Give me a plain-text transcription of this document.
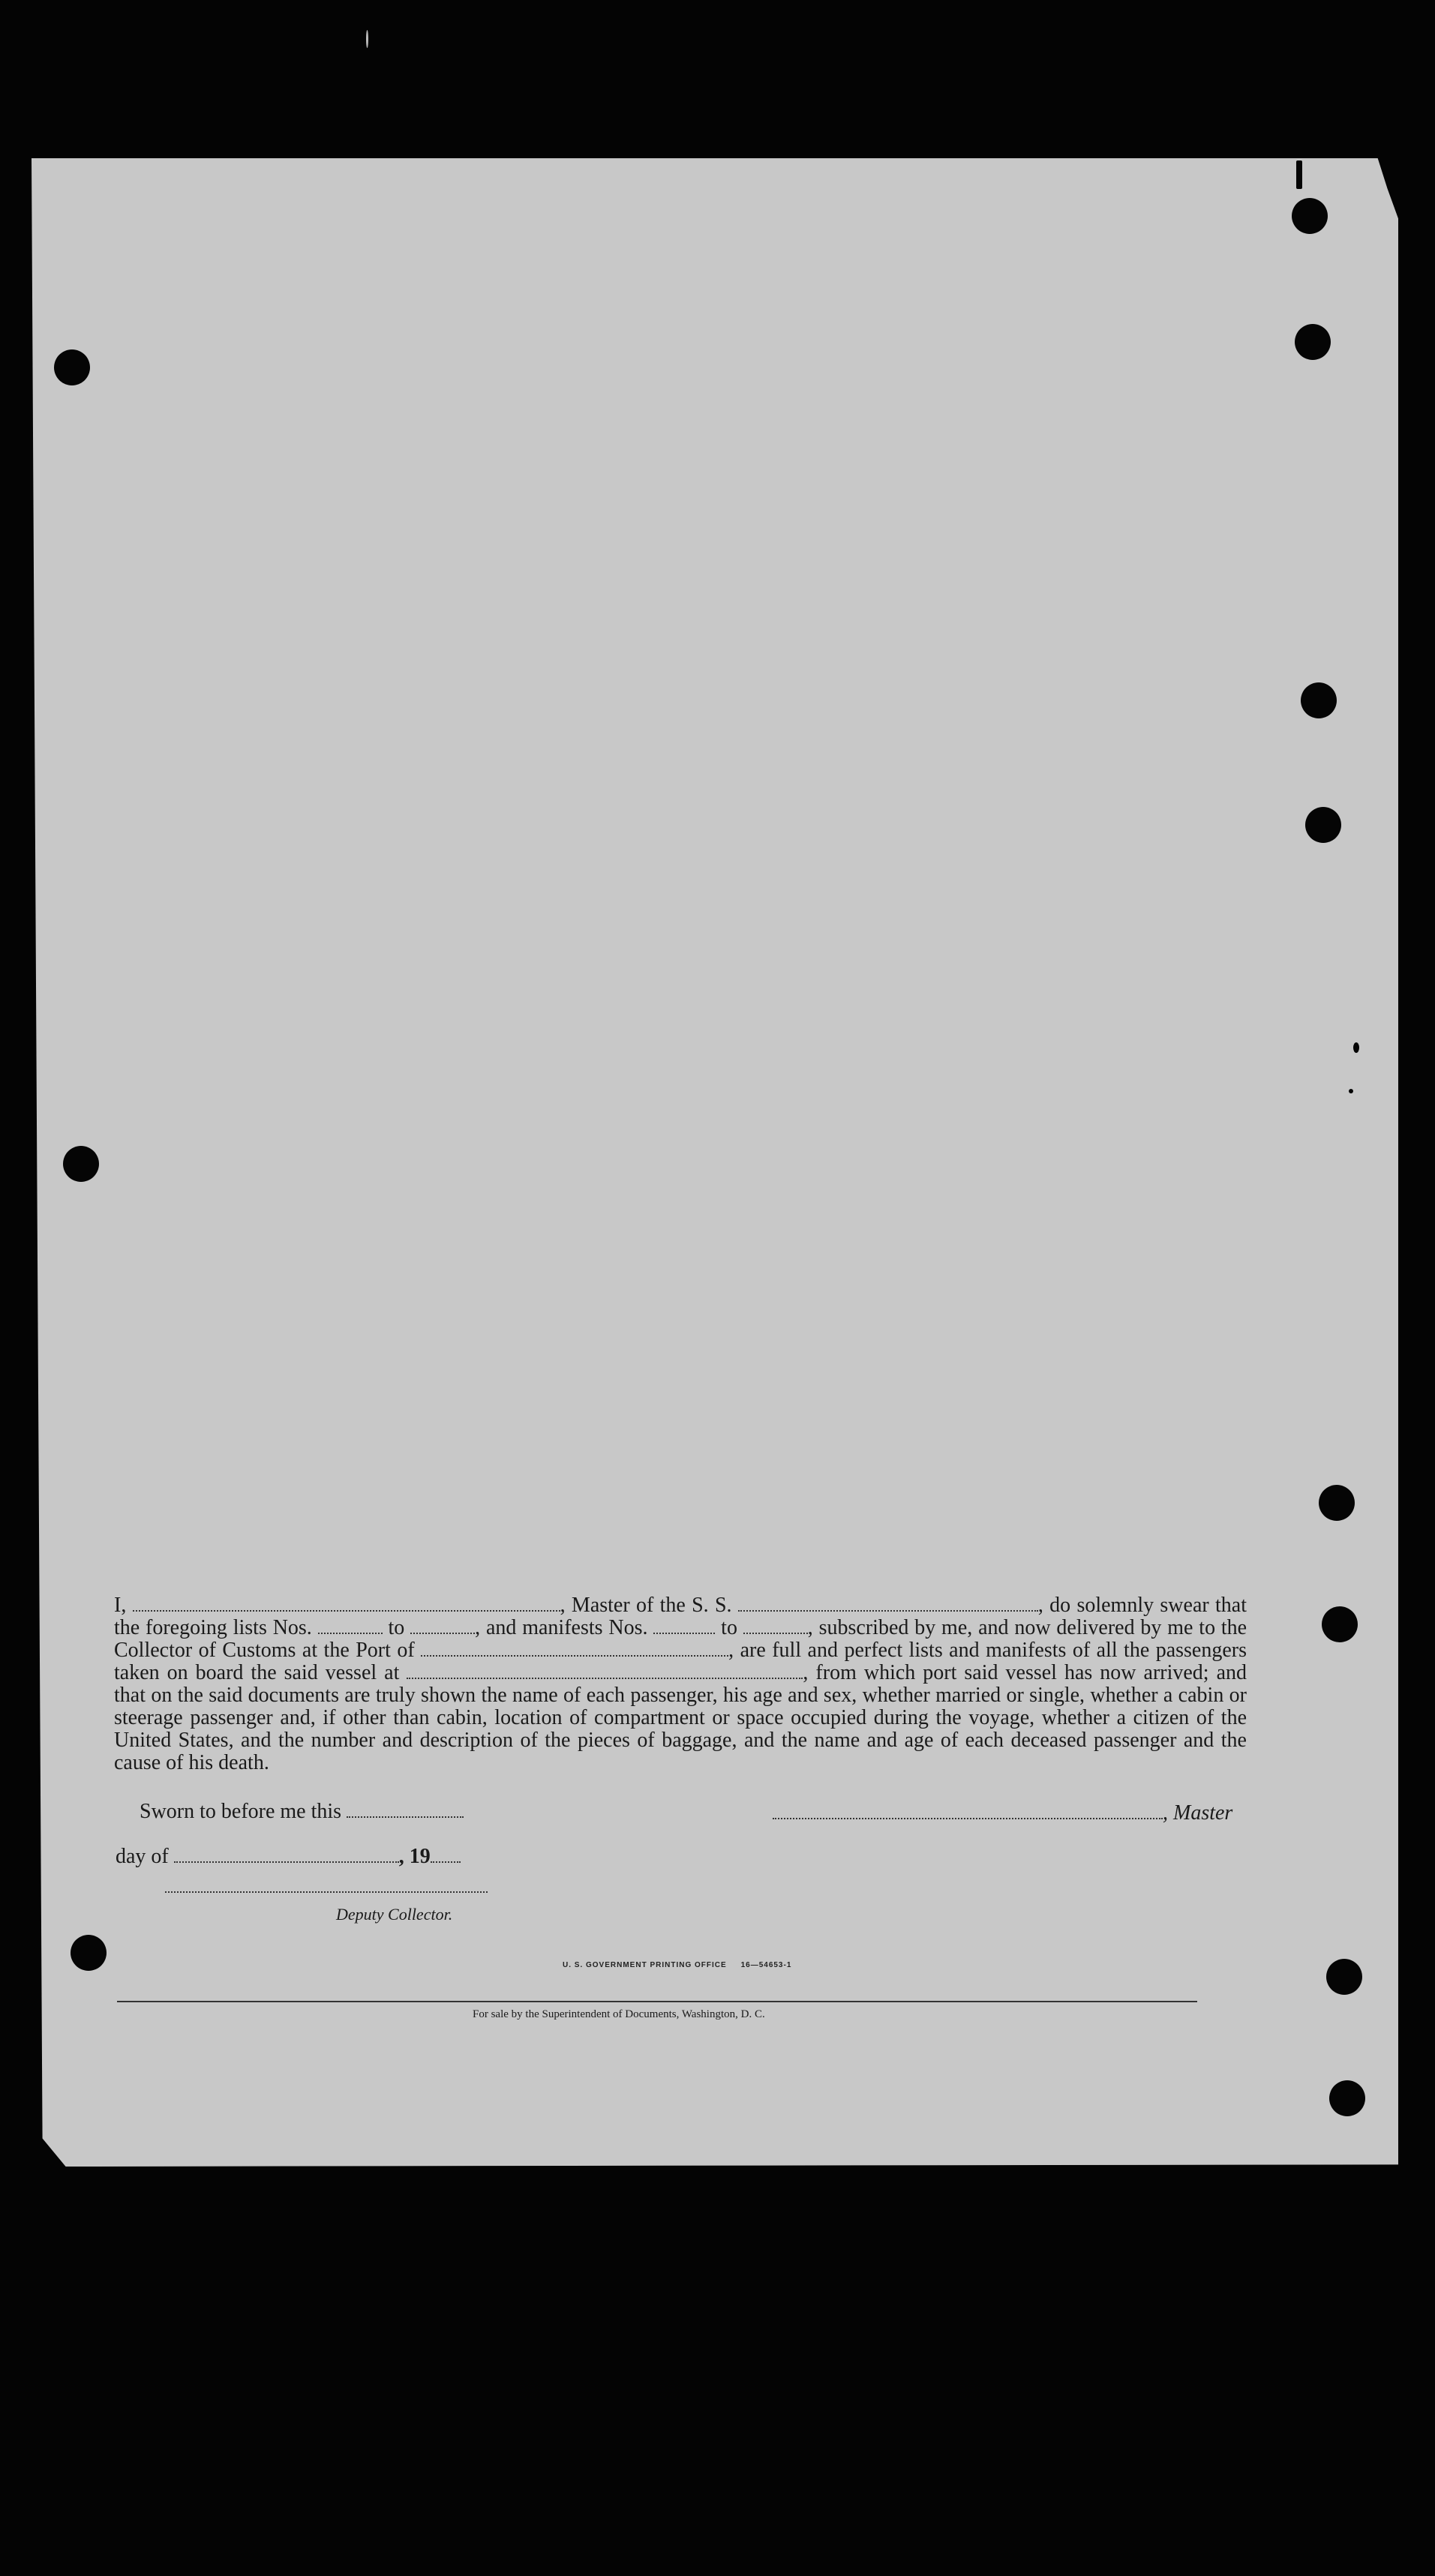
I,	, Master of the S. S.	, do solemnly swear that the foregoing lists Nos.	to	, and manifests Nos.	to	, subscribed by me, and now delivered by me to the Collector of Customs at the Port of	, are full and perfect lists and manifests of all the passengers taken on board the said vessel at	, from which port said vessel has now arrived; and that on the said documents are truly shown the name of each passenger, his age and sex, whether married or single, whether a cabin or steerage passenger and, if other than cabin, location of compartment or space occupied during the voyage, whether a citizen of the United States, and the number and description of the pieces of baggage, and the name and age of each deceased passenger and the cause of his death.

Sworn to before me this	, Master
day of	, 19
Deputy Collector.
U. S. GOVERNMENT PRINTING OFFICE     16—54653-1
For sale by the Superintendent of Documents, Washington, D. C.
